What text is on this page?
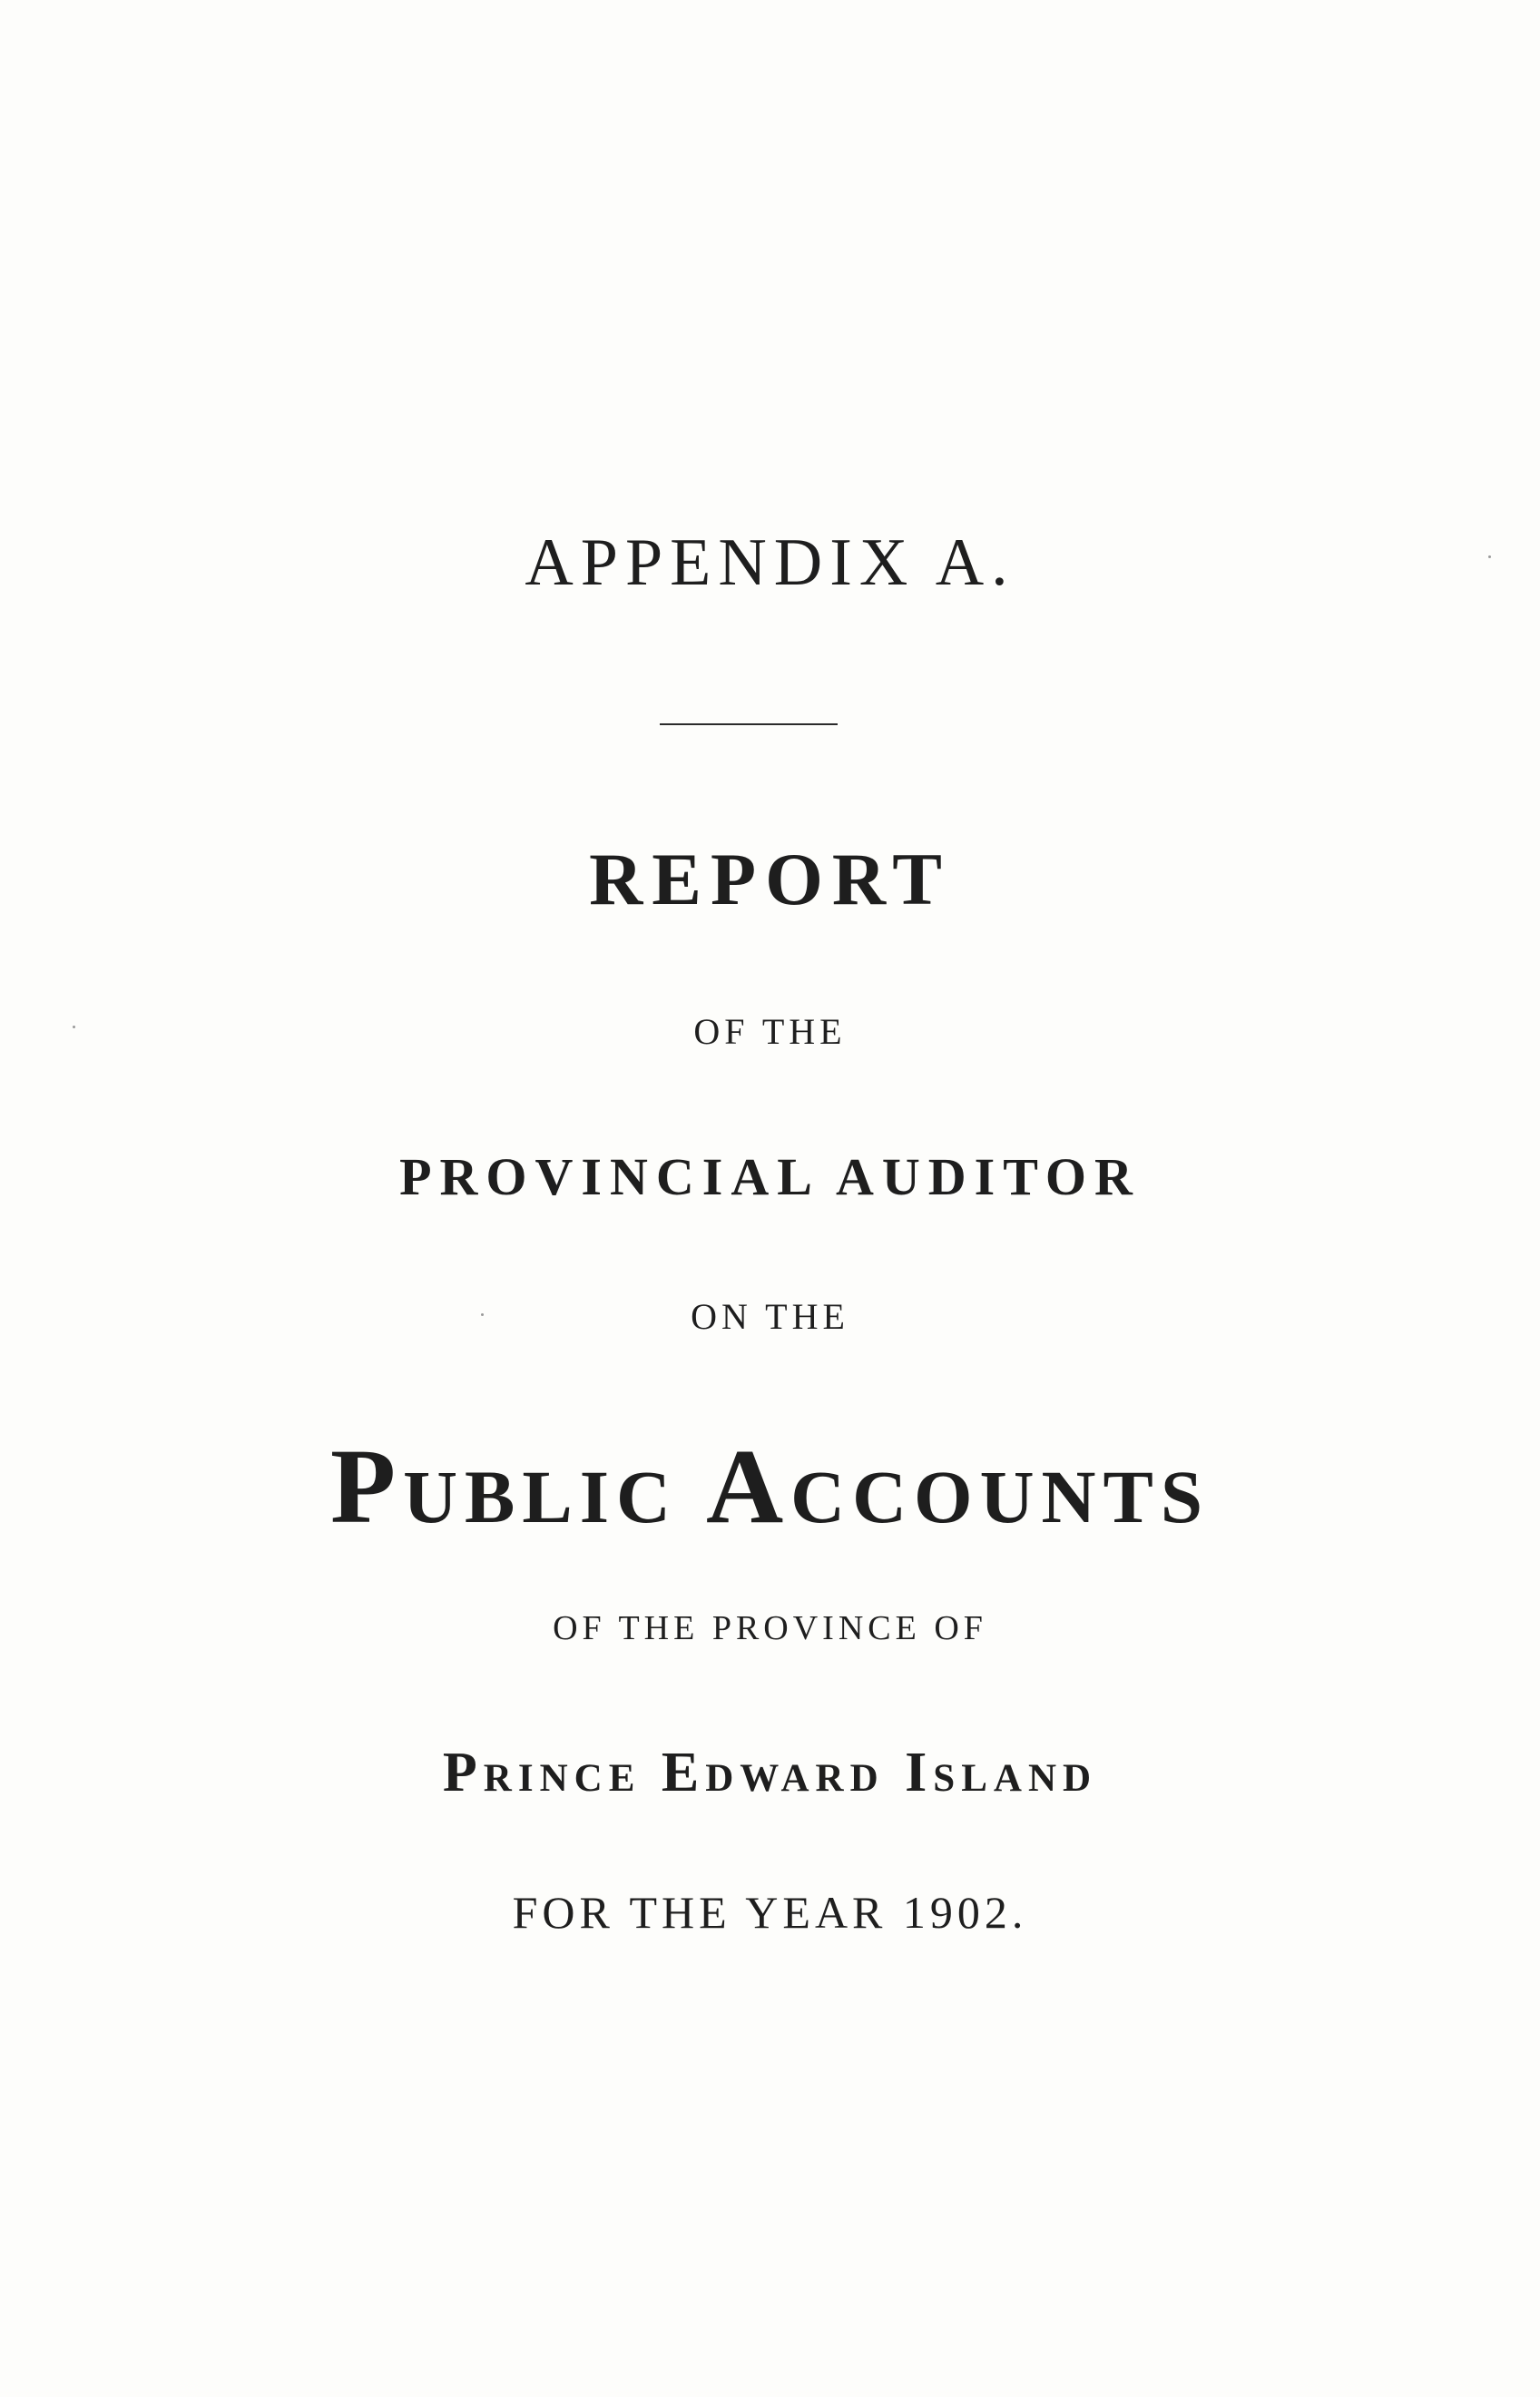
APPENDIX A.
REPORT
OF THE
PROVINCIAL AUDITOR
ON THE
Public Accounts
OF THE PROVINCE OF
Prince Edward Island
FOR THE YEAR 1902.
